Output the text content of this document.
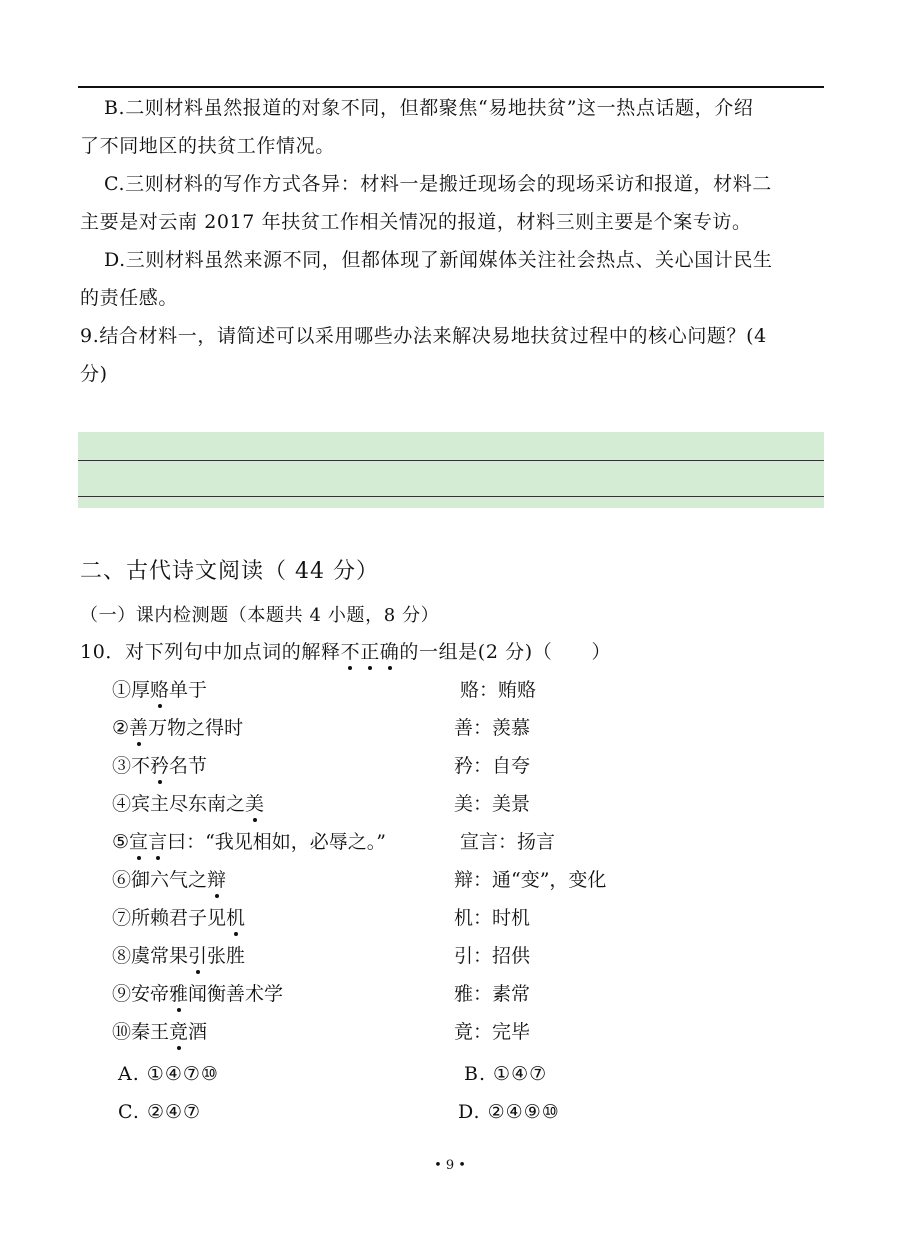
B.二则材料虽然报道的对象不同，但都聚焦“易地扶贫”这一热点话题，介绍
了不同地区的扶贫工作情况。
C.三则材料的写作方式各异：材料一是搬迁现场会的现场采访和报道，材料二
主要是对云南 2017 年扶贫工作相关情况的报道，材料三则主要是个案专访。
D.三则材料虽然来源不同，但都体现了新闻媒体关注社会热点、关心国计民生
的责任感。
9.结合材料一，请简述可以采用哪些办法来解决易地扶贫过程中的核心问题？(4
分)
二、古代诗文阅读（ 44 分）
（一）课内检测题（本题共 4 小题，8 分）
10．对下列句中加点词的解释不正确的一组是(2 分)（　　）
①厚赂单于	赂：贿赂
②善万物之得时	善：羡慕
③不矜名节	矜：自夸
④宾主尽东南之美	美：美景
⑤宣言曰：“我见相如，必辱之。”	宣言：扬言
⑥御六气之辩	辩：通“变”，变化
⑦所赖君子见机	机：时机
⑧虞常果引张胜	引：招供
⑨安帝雅闻衡善术学	雅：素常
⑩秦王竟酒	竟：完毕
A. ①④⑦⑩	B. ①④⑦
C. ②④⑦	D. ②④⑨⑩
• 9 •
